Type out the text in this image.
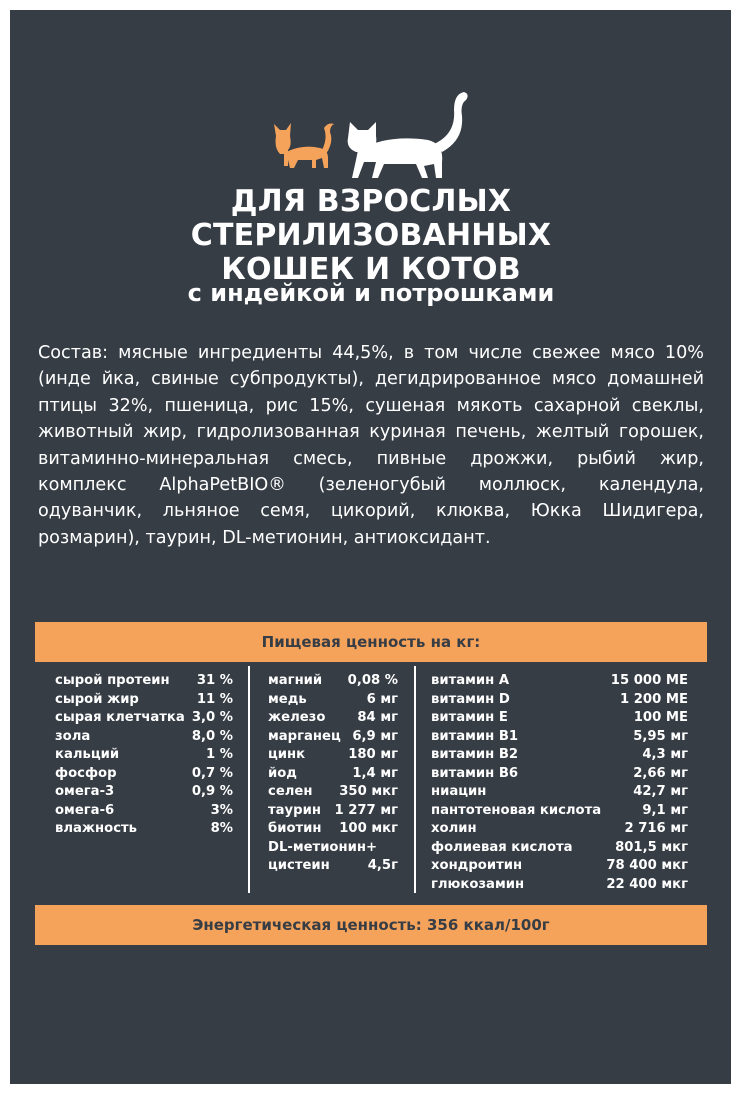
ДЛЯ ВЗРОСЛЫХ
СТЕРИЛИЗОВАННЫХ
КОШЕК И КОТОВ
с индейкой и потрошками
Состав: мясные ингредиенты 44,5%, в том числе свежее мясо 10% (инде йка, свиные субпродукты), дегидрированное мясо домашней птицы 32%, пшеница, рис 15%, сушеная мякоть сахарной свеклы, животный жир, гидролизованная куриная печень, желтый горошек, витаминно-минеральная смесь, пивные дрожжи, рыбий жир, комплекс AlphaPetBIO® (зеленогубый моллюск, календула, одуванчик, льняное семя, цикорий, клюква, Юкка Шидигера, розмарин), таурин, DL-метионин, антиоксидант.
Пищевая ценность на кг:
сырой протеин 31 %
сырой жир	11 %
сырая клетчатка 3,0 %
зола	8,0 %
кальций	1 %
фосфор	0,7 %
омега-3	0,9 %
омега-6	3%
влажность	8%
магний 0,08 %
медь	6 мг
железо 84 мг
марганец 6,9 мг
цинк	180 мг
йод	1,4 мг
селен 350 мкг
таурин 1 277 мг
биотин 100 мкг
DL-метионин+
цистеин	4,5г
витамин А	15 000 МЕ
витамин D	1 200 МЕ
витамин Е	100 МЕ
витамин В1	5,95 мг
витамин В2	4,3 мг
витамин В6	2,66 мг
ниацин	42,7 мг
пантотеновая кислота	9,1 мг
холин	2 716 мг
фолиевая кислота	801,5 мкг
хондроитин	78 400 мкг
глюкозамин	22 400 мкг
Энергетическая ценность: 356 ккал/100г
